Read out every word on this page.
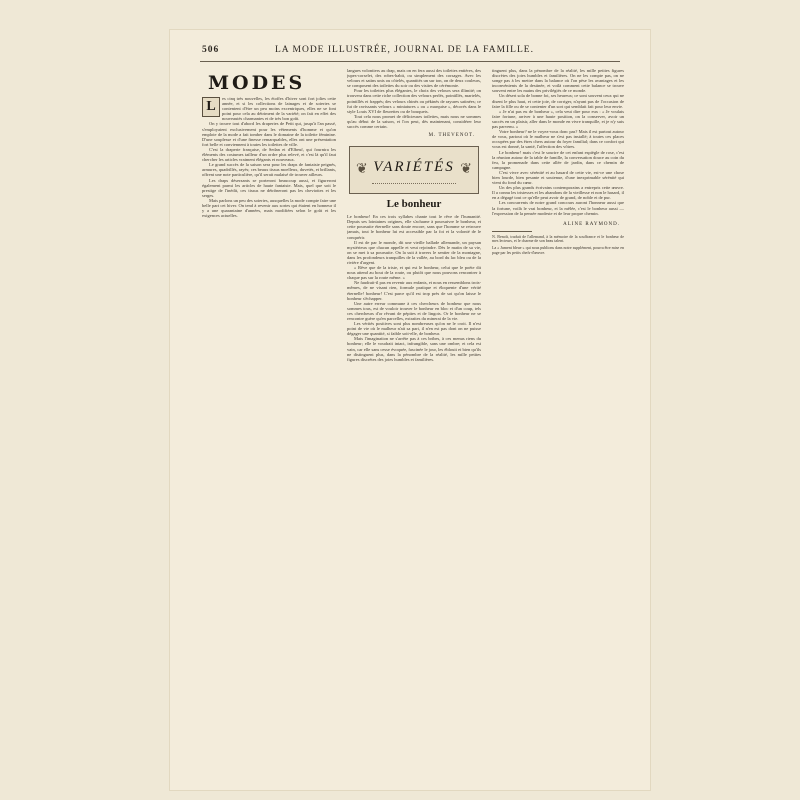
506	LA MODE ILLUSTRÉE, JOURNAL DE LA FAMILLE.
MODES

L
es cinq très nouvelles, les étoffes d'hiver sont fort jolies cette année, et si les collections de lainages et de soieries se contentent d'être un peu moins excentriques, elles ne se font point pour cela au détriment de la variété; on fait en effet des nouveautés charmantes et de très bon goût.

On y trouve tout d'abord les draperies de Petit qui, jusqu'à l'an passé, s'employaient exclusivement pour les vêtements d'homme et qu'on emploie de la mode a fait tomber dans le domaine de la toilette féminine. D'une souplesse et d'une finesse remarquables, elles ont une présentation fort belle et conviennent à toutes les toilettes de ville.

C'est la draperie française, de Sedan et d'Elbeuf, qui fournira les éléments des costumes tailleur d'un ordre plus relevé, et c'est là qu'il faut chercher les articles vraiment élégants et nouveaux.

Le grand succès de la saison sera pour les draps de fantaisie peignés, armures, quadrillés, rayés; ces beaux tissus moelleux, duvetés, et brillants, offrent une note particulière, qu'il serait malaisé de trouver ailleurs.

Les draps déserzants se porteront beaucoup aussi, et figureront également parmi les articles de haute fantaisie. Mais, quel que soit le prestige de l'inédit, ces tissus ne détrôneront pas les cheviottes et les serges.

Mais parlons un peu des soieries, auxquelles la mode compte faire une belle part cet hiver. On tend à revenir aux sortes qui étaient en honneur il y a une quarantaine d'années, mais modifiées selon le goût et les exigences actuelles.

langues volontiers au drap, mais on en fera aussi des toilettes entières, des jupes-corselet, des robes-habit, ou simplement des corsages. Avec les velours et satins unis ou côtelés, quantités un sur ton, on de deux couleurs, se composent des toilettes du soir ou des visites de cérémonie.

Pour les toilettes plus élégantes, le choix des velours sera illimité; on trouvera dans cette riche collection des velours perlés, pointillés, martelés, pointillés et frappés; des velours chinés ou pékinés de rayures satinées; ce fut de ravissants velours « miniatures » ou « marquise », décorés dans le style Louis XVI de fleurettes ou de bouquets.

Tout cela nous promet de délicieuses toilettes, mais nous ne sommes qu'au début de la saison, et l'on peut, dès maintenant, considérer leur succès comme certain.

M. THEVENOT.
❦ VARIÉTÉS ❦
Le bonheur

Le bonheur! En ces trois syllabes chante tout le rêve de l'humanité. Depuis ses lointaines origines, elle s'acharne à poursuivre le bonheur, et cette poursuite éternelle sans doute encore, sans que l'homme se retrouve jamais, tout le bonheur lui est accessible par la foi et la volonté de le conquérir.

Il est de par le monde, dit une vieille ballade allemande, un paysan mystérieux que chacun appelle et veut rejoindre. Dès le matin de sa vie, on se met à sa poursuite. On la suit à travers le sentier de la montagne, dans les profondeurs tranquilles de la vallée, au bord du lac bleu ou de la rivière d'argent.

« Rêve que de la triste, et qui est le bonheur, celui que le poète dit nous attend au bout de la route, ou plutôt que nous pouvons rencontrer à chaque pas sur la route même. »

Ne faudrait-il pas en revenir aux enfants, et nous en ressemblons trois-mêmes, de ne visant rien, formule pratique et éloquente d'une vérité éternelle! bonheur! C'est parce qu'il est trop près de soi qu'on laisse le bonheur s'échapper.

Une autre erreur commune à ces chercheurs de bonheur que nous sommes tous, est de vouloir trouver le bonheur en bloc et d'un coup, tels ces chercheurs d'or rêvant de pépites et de lingots. Or le bonheur ne se rencontre guère qu'en parcelles, extraites du minerai de la vie.

Les vérités positives sont plus nombreuses qu'on ne le croit. Il n'est point de vie où le malheur n'ait sa part, il n'en est pas dont on ne puisse dégager une quantité, si faible soit-elle, de bonheur.

Mais l'imagination ne s'arrête pas à ces bribes, à ces menus riens du bonheur; elle le voudrait intact, infrangible, sans une ombre; et cela est vain, car elle sans cesse évoquée, fascinée le jour, les éblouit et bien qu'ils ne distinguent plus, dans la pénombre de la réalité, les mille petites figures discrètes des joies humbles et familières.

tinguent plus, dans la pénombre de la réalité, les mille petites figures discrètes des joies humbles et familières. On ne les compte pas, on ne songe pas à les mettre dans la balance où l'on pèse les avantages et les inconvénients de la destinée, et voilà comment cette balance se trouve souvent entre les mains des privilégiés de ce monde.

Un désert sola de bonne foi, ses heureux; ce sont souvent ceux qui ne disent le plus haut, et cette joie, de corriger, n'ayant pas de l'occasion de faire la fille ou de se contenter d'un sort qui semblait fait pour leur envie.

« Je n'ai pas eu de bonheur », cela veut dire pour eux : « Je voulais faire fortune, arriver à une haute position, on la conserver, avoir un succès en un plaisir, aller dans le monde en vivre tranquille, et je n'y suis pas parvenu. »

Votre bonheur? ne le voyez-vous donc pas? Mais il est partout autour de vous, partout où le malheur ne s'est pas installé; à toutes ces places occupées par des êtres chers autour du foyer familial; dans ce confort qui vous est donné, la santé, l'affection des vôtres.

Le bonheur! mais c'est le sourire de cet enfant espiègle de rose, c'est la réunion autour de la table de famille, la conversation douce au coin du feu, la promenade dans cette allée de jardin, dans ce chemin de campagne.

C'est vivre avec sérénité et au hasard de cette vie, est-ce une chose bien lourde, bien pesante et soutenue, d'une inexprimable sérénité qui vient du fond du cœur.

Un des plus grands écrivains contemporains a entrepris cette œuvre. Il a connu les tristesses et les abandons de la vieillesse et non le hasard, il en a dégagé tout ce qu'elle peut avoir de grand, de noble et de pur.

Les concurrents de notre grand concours auront l'honneur aussi que la fortune, voilà le vrai bonheur, et la mêlée, c'est le bonheur aussi — l'expression de la pensée modeste et de leur propre chemin.

ALINE RAYMOND.

N. Benoît, traduit de l'allemand, à la mémoire de la souffrance et le bonheur de mes lecteurs, et le charme de son beau talent.

La « Jument bleue » qui nous publions dans notre supplément, pourra être mise en page par les petits chefs-d'œuvre.
